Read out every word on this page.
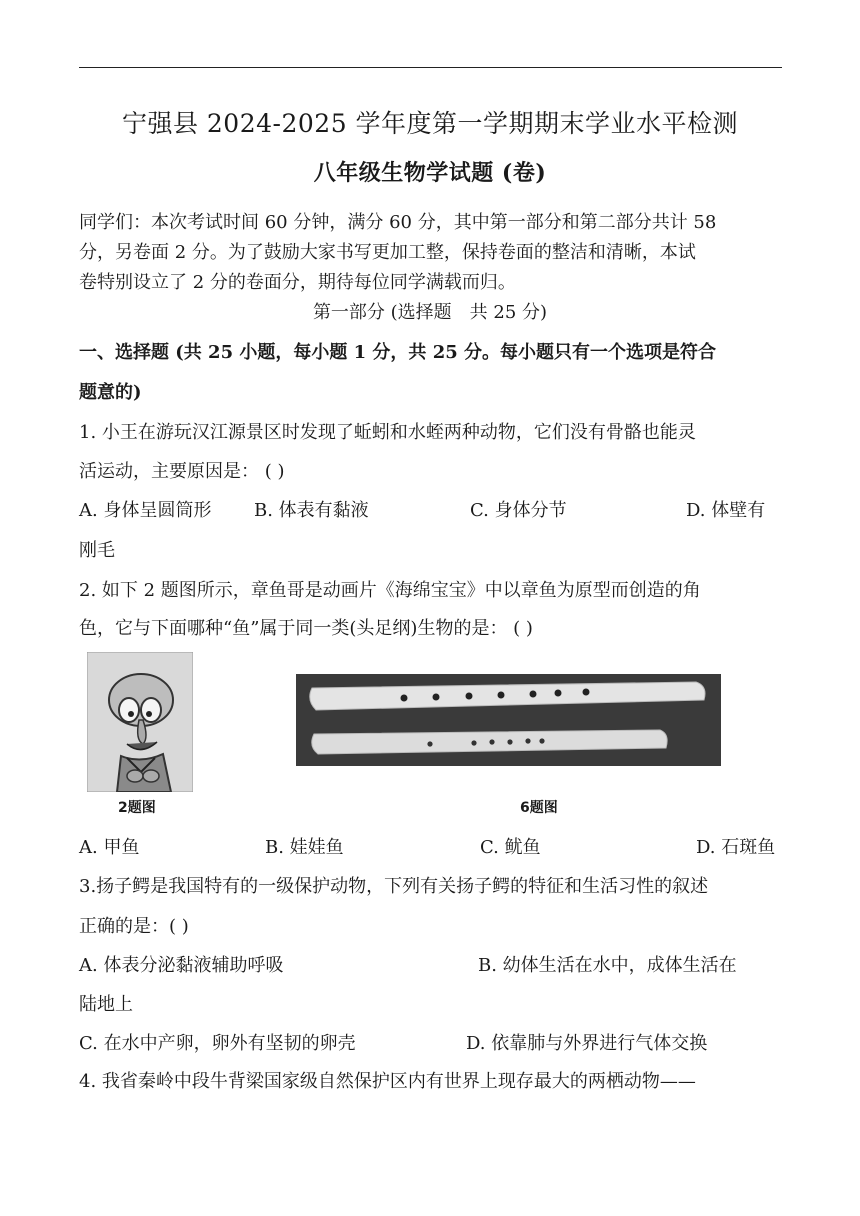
宁强县 2024-2025 学年度第一学期期末学业水平检测
八年级生物学试题 (卷)
同学们：本次考试时间 60 分钟，满分 60 分，其中第一部分和第二部分共计 58
分，另卷面 2 分。为了鼓励大家书写更加工整，保持卷面的整洁和清晰，本试
卷特别设立了 2 分的卷面分，期待每位同学满载而归。
第一部分 (选择题　共 25 分)
一、选择题 (共 25 小题，每小题 1 分，共 25 分。每小题只有一个选项是符合
题意的)
1. 小王在游玩汉江源景区时发现了蚯蚓和水蛭两种动物，它们没有骨骼也能灵
活运动，主要原因是： ( )
A. 身体呈圆筒形 B. 体表有黏液	C. 身体分节	D. 体壁有
刚毛
2. 如下 2 题图所示，章鱼哥是动画片《海绵宝宝》中以章鱼为原型而创造的角
色，它与下面哪种“鱼”属于同一类(头足纲)生物的是： ( )
2题图	6题图
A. 甲鱼	B. 娃娃鱼	C. 鱿鱼	D. 石斑鱼
3.扬子鳄是我国特有的一级保护动物，下列有关扬子鳄的特征和生活习性的叙述
正确的是：( )
A. 体表分泌黏液辅助呼吸	B. 幼体生活在水中，成体生活在
陆地上
C. 在水中产卵，卵外有坚韧的卵壳	D. 依靠肺与外界进行气体交换
4. 我省秦岭中段牛背梁国家级自然保护区内有世界上现存最大的两栖动物——
